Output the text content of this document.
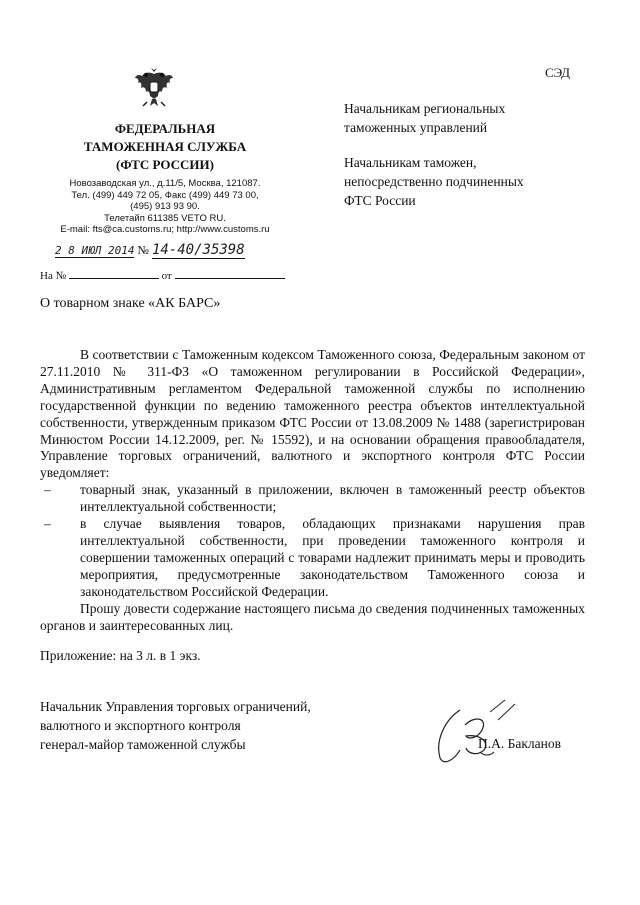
СЭД
ФЕДЕРАЛЬНАЯ
ТАМОЖЕННАЯ СЛУЖБА
(ФТС РОССИИ)
Новозаводская ул., д.11/5, Москва, 121087.
Тел. (499) 449 72 05, Факс (499) 449 73 00,
(495) 913 93 90.
Телетайп 611385 VETO RU.
E-mail: fts@ca.customs.ru; http://www.customs.ru
2 8 ИЮЛ 2014 № 14-40/35398
На №	от
Начальникам региональных
таможенных управлений
Начальникам таможен,
непосредственно подчиненных
ФТС России
О товарном знаке «АК БАРС»

В соответствии с Таможенным кодексом Таможенного союза, Федеральным законом от 27.11.2010 № 311-ФЗ «О таможенном регулировании в Российской Федерации», Административным регламентом Федеральной таможенной службы по исполнению государственной функции по ведению таможенного реестра объектов интеллектуальной собственности, утвержденным приказом ФТС России от 13.08.2009 № 1488 (зарегистрирован Минюстом России 14.12.2009, рег. № 15592), и на основании обращения правообладателя, Управление торговых ограничений, валютного и экспортного контроля ФТС России уведомляет:

– товарный знак, указанный в приложении, включен в таможенный реестр объектов интеллектуальной собственности;

– в случае выявления товаров, обладающих признаками нарушения прав интеллектуальной собственности, при проведении таможенного контроля и совершении таможенных операций с товарами надлежит принимать меры и проводить мероприятия, предусмотренные законодательством Таможенного союза и законодательством Российской Федерации.

Прошу довести содержание настоящего письма до сведения подчиненных таможенных органов и заинтересованных лиц.

Приложение: на 3 л. в 1 экз.
Начальник Управления торговых ограничений,
валютного и экспортного контроля
генерал-майор таможенной службы	П.А. Бакланов
